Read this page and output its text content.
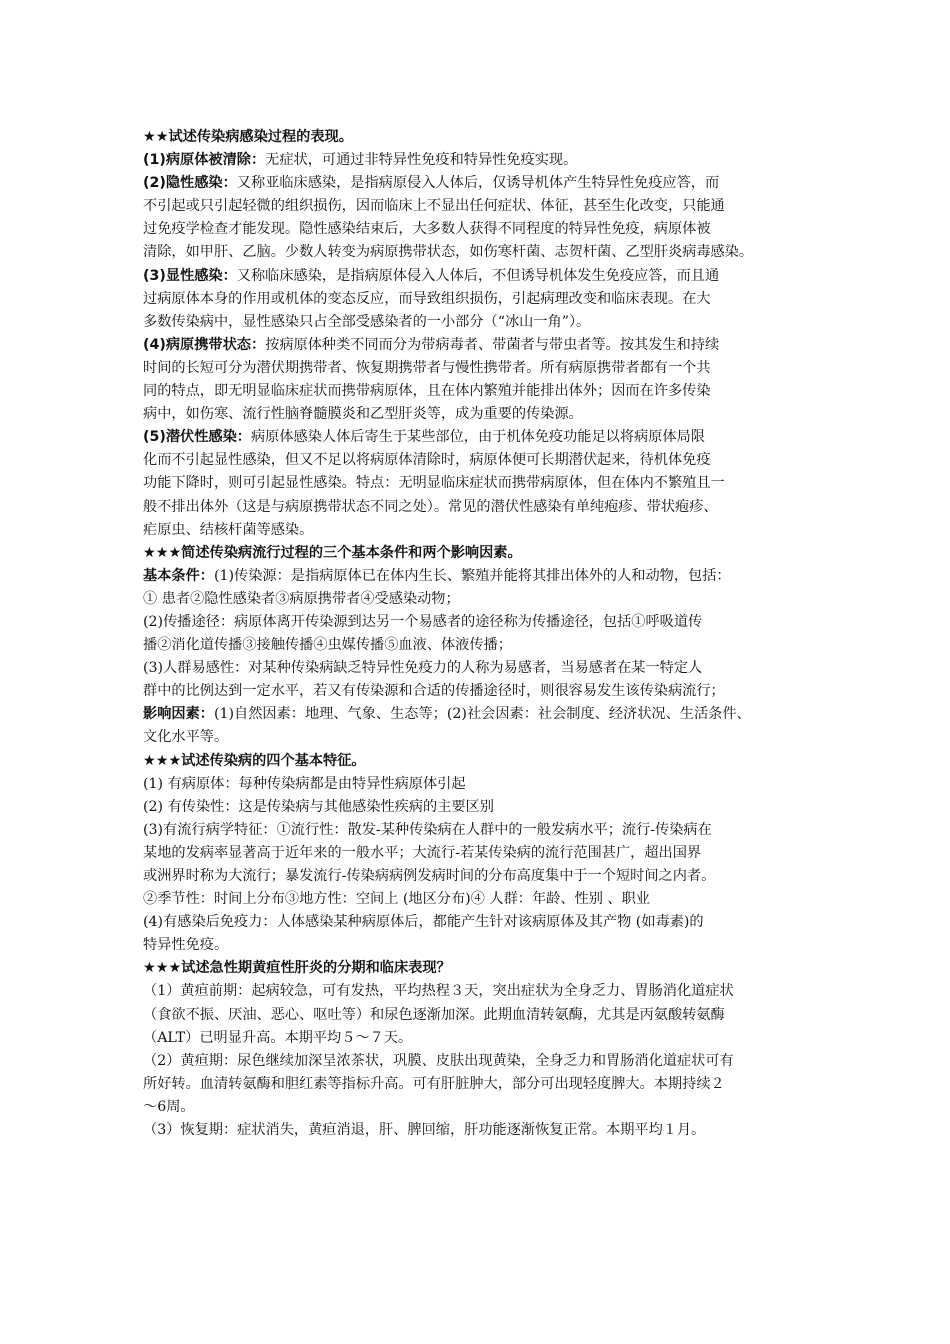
★★试述传染病感染过程的表现。
(1)病原体被清除：无症状，可通过非特异性免疫和特异性免疫实现。
(2)隐性感染：又称亚临床感染，是指病原侵入人体后，仅诱导机体产生特异性免疫应答，而
不引起或只引起轻微的组织损伤，因而临床上不显出任何症状、体征，甚至生化改变，只能通
过免疫学检查才能发现。隐性感染结束后，大多数人获得不同程度的特异性免疫，病原体被
清除，如甲肝、乙脑。少数人转变为病原携带状态，如伤寒杆菌、志贺杆菌、乙型肝炎病毒感染。
(3)显性感染：又称临床感染，是指病原体侵入人体后，不但诱导机体发生免疫应答，而且通
过病原体本身的作用或机体的变态反应，而导致组织损伤，引起病理改变和临床表现。在大
多数传染病中，显性感染只占全部受感染者的一小部分（“冰山一角”）。
(4)病原携带状态：按病原体种类不同而分为带病毒者、带菌者与带虫者等。按其发生和持续
时间的长短可分为潜伏期携带者、恢复期携带者与慢性携带者。所有病原携带者都有一个共
同的特点，即无明显临床症状而携带病原体，且在体内繁殖并能排出体外；因而在许多传染
病中，如伤寒、流行性脑脊髓膜炎和乙型肝炎等，成为重要的传染源。
(5)潜伏性感染：病原体感染人体后寄生于某些部位，由于机体免疫功能足以将病原体局限
化而不引起显性感染，但又不足以将病原体清除时，病原体便可长期潜伏起来，待机体免疫
功能下降时，则可引起显性感染。特点：无明显临床症状而携带病原体，但在体内不繁殖且一
般不排出体外（这是与病原携带状态不同之处）。常见的潜伏性感染有单纯疱疹、带状疱疹、
疟原虫、结核杆菌等感染。
★★★简述传染病流行过程的三个基本条件和两个影响因素。
基本条件：(1)传染源：是指病原体已在体内生长、繁殖并能将其排出体外的人和动物，包括：
① 患者②隐性感染者③病原携带者④受感染动物；
(2)传播途径：病原体离开传染源到达另一个易感者的途径称为传播途径，包括①呼吸道传
播②消化道传播③接触传播④虫媒传播⑤血液、体液传播；
(3)人群易感性：对某种传染病缺乏特异性免疫力的人称为易感者，当易感者在某一特定人
群中的比例达到一定水平，若又有传染源和合适的传播途径时，则很容易发生该传染病流行；
影响因素：(1)自然因素：地理、气象、生态等；(2)社会因素：社会制度、经济状况、生活条件、
文化水平等。
★★★试述传染病的四个基本特征。
(1) 有病原体：每种传染病都是由特异性病原体引起
(2) 有传染性：这是传染病与其他感染性疾病的主要区别
(3)有流行病学特征：①流行性：散发-某种传染病在人群中的一般发病水平；流行-传染病在
某地的发病率显著高于近年来的一般水平；大流行-若某传染病的流行范围甚广，超出国界
或洲界时称为大流行；暴发流行-传染病病例发病时间的分布高度集中于一个短时间之内者。
②季节性：时间上分布③地方性：空间上 (地区分布)④ 人群：年龄、性别 、职业
(4)有感染后免疫力：人体感染某种病原体后，都能产生针对该病原体及其产物 (如毒素)的
特异性免疫。
★★★试述急性期黄疸性肝炎的分期和临床表现？
（1）黄疸前期：起病较急，可有发热，平均热程３天，突出症状为全身乏力、胃肠消化道症状
（食欲不振、厌油、恶心、呕吐等）和尿色逐渐加深。此期血清转氨酶，尤其是丙氨酸转氨酶
（ALT）已明显升高。本期平均５～７天。
（2）黄疸期：尿色继续加深呈浓茶状，巩膜、皮肤出现黄染，全身乏力和胃肠消化道症状可有
所好转。血清转氨酶和胆红素等指标升高。可有肝脏肿大，部分可出现轻度脾大。本期持续２
～6周。
（3）恢复期：症状消失，黄疸消退，肝、脾回缩，肝功能逐渐恢复正常。本期平均１月。
